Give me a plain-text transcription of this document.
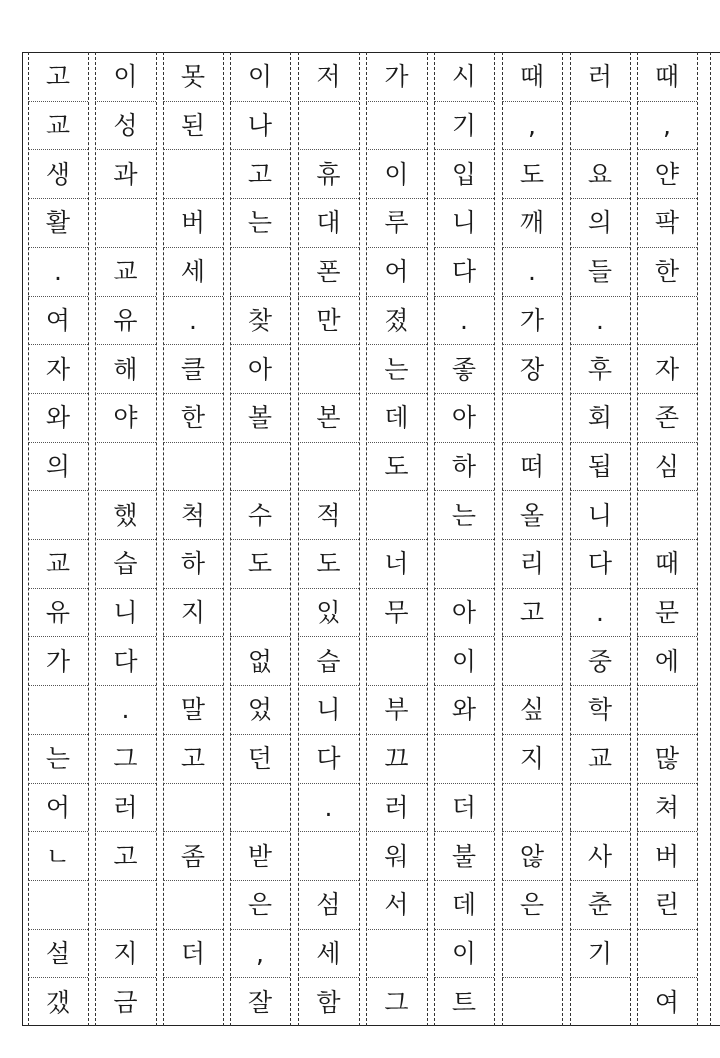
고
교
생
활
.
여
자
와
의
교
유
가
는
어
ㄴ
설
갰
이
성
과
교
유
해
야
했
습
니
다
.
그
러
고
지
금
못
된
버
세
.
클
한
척
하
지
말
고
좀
더
이
나
고
는
찾
아
볼
수
도
없
었
던
받
은
,
잘
저
휴
대
폰
만
본
적
도
있
습
니
다
.
섬
세
함
가
이
루
어
졌
는
데
도
너
무
부
끄
러
워
서
그
시
기
입
니
다
.
좋
아
하
는
아
이
와
더
불
데
이
트
때
,
도
깨
.
가
장
떠
올
리
고
싶
지
않
은
러
요
의
들
.
후
회
됩
니
다
.
중
학
교
사
춘
기
때
,
얀
팍
한
자
존
심
때
문
에
많
쳐
버
린
여
